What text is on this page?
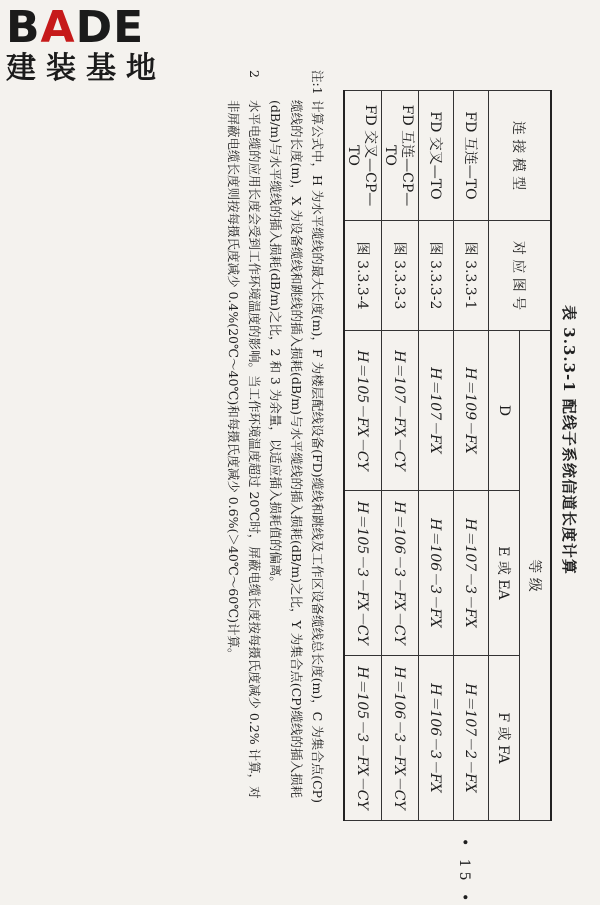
BADE
建装基地
表 3.3.3-1 配线子系统信道长度计算
连 接 模 型	对 应 图 号	等 级		
		D	E 或 EA	F 或 FA
FD 互连—TO	图 3.3.3-1	H＝109－FX	H＝107－3－FX	H＝107－2－FX
FD 交叉—TO	图 3.3.3-2	H＝107－FX	H＝106－3－FX	H＝106－3－FX
FD 互连—CP—TO	图 3.3.3-3	H＝107－FX－CY	H＝106－3－FX－CY	H＝106－3－FX－CY
FD 交叉—CP—TO	图 3.3.3-4	H＝105－FX－CY	H＝105－3－FX－CY	H＝105－3－FX－CY
注:1
计算公式中，H 为水平缆线的最大长度(m)，F 为楼层配线设备(FD)缆线和跳线及工作区设备缆线总长度(m)，C 为集合点(CP)缆线的长度(m)，X 为设备缆线和跳线的插入损耗(dB/m)与水平缆线的插入损耗(dB/m)之比，Y 为集合点(CP)缆线的插入损耗(dB/m)与水平缆线的插入损耗(dB/m)之比，2 和 3 为余量，以适应插入损耗值的偏离。
2
水平电缆的应用长度会受到工作环境温度的影响。当工作环境温度超过 20℃时，屏蔽电缆长度按每摄氏度减少 0.2% 计算，对非屏蔽电缆长度则按每摄氏度减少 0.4%(20℃～40℃)和每摄氏度减少 0.6%(＞40℃～60℃)计算。
• 15 •
